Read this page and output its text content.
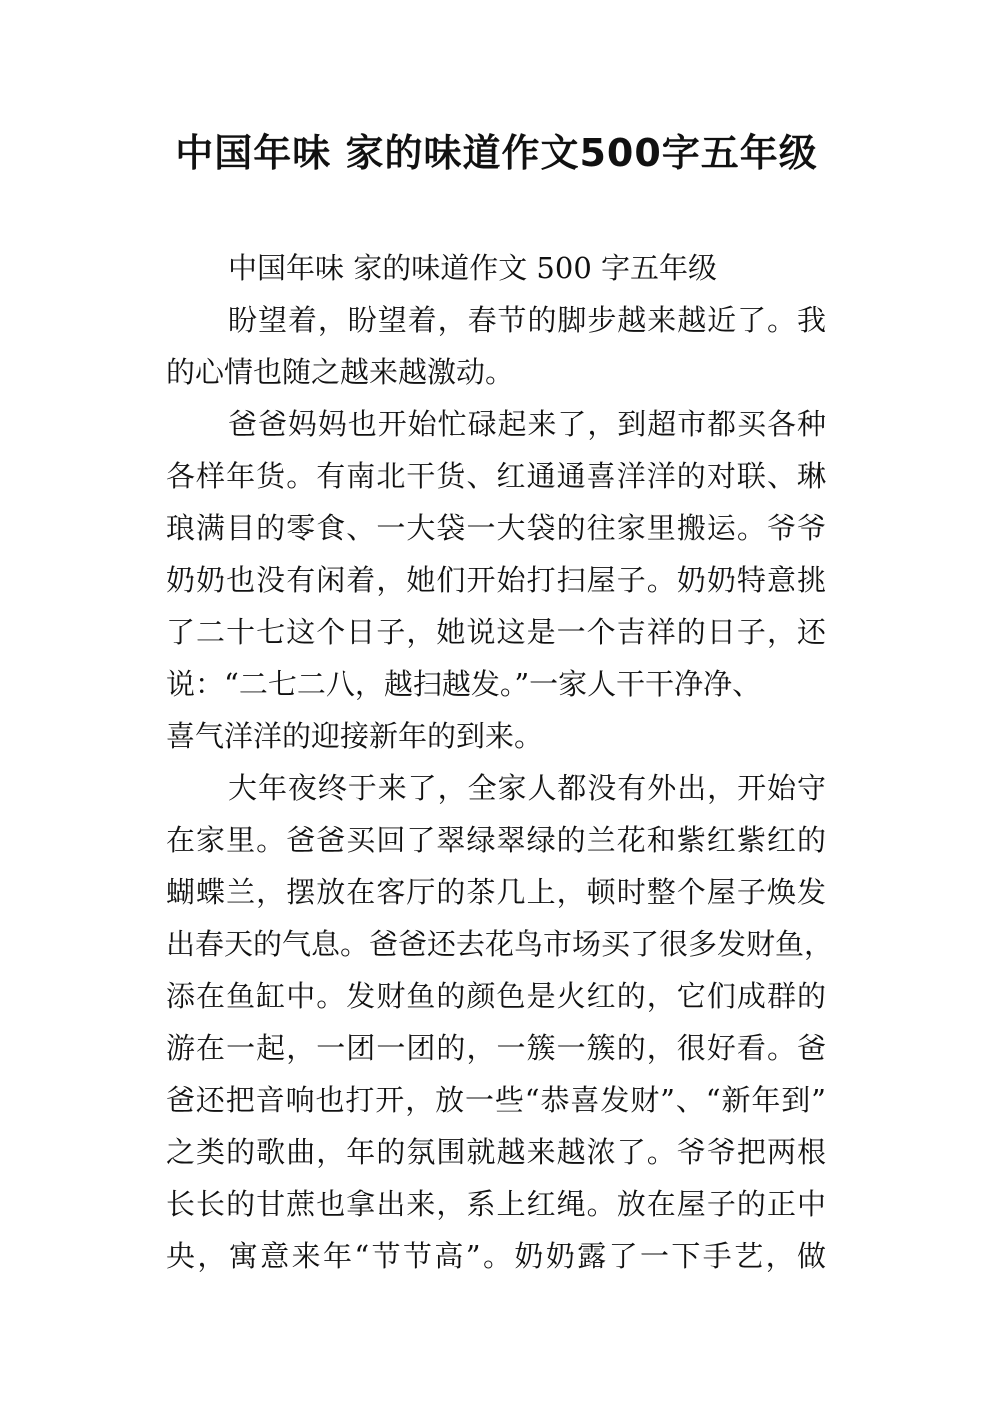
中国年味 家的味道作文500字五年级
中国年味 家的味道作文 500 字五年级
盼望着，盼望着，春节的脚步越来越近了。我
的心情也随之越来越激动。
爸爸妈妈也开始忙碌起来了，到超市都买各种
各样年货。有南北干货、红通通喜洋洋的对联、琳
琅满目的零食、一大袋一大袋的往家里搬运。爷爷
奶奶也没有闲着，她们开始打扫屋子。奶奶特意挑
了二十七这个日子，她说这是一个吉祥的日子，还
说：“二七二八，越扫越发。”一家人干干净净、
喜气洋洋的迎接新年的到来。
大年夜终于来了，全家人都没有外出，开始守
在家里。爸爸买回了翠绿翠绿的兰花和紫红紫红的
蝴蝶兰，摆放在客厅的茶几上，顿时整个屋子焕发
出春天的气息。爸爸还去花鸟市场买了很多发财鱼，
添在鱼缸中。发财鱼的颜色是火红的，它们成群的
游在一起，一团一团的，一簇一簇的，很好看。爸
爸还把音响也打开，放一些“恭喜发财”、“新年到”
之类的歌曲，年的氛围就越来越浓了。爷爷把两根
长长的甘蔗也拿出来，系上红绳。放在屋子的正中
央，寓意来年“节节高”。奶奶露了一下手艺，做
